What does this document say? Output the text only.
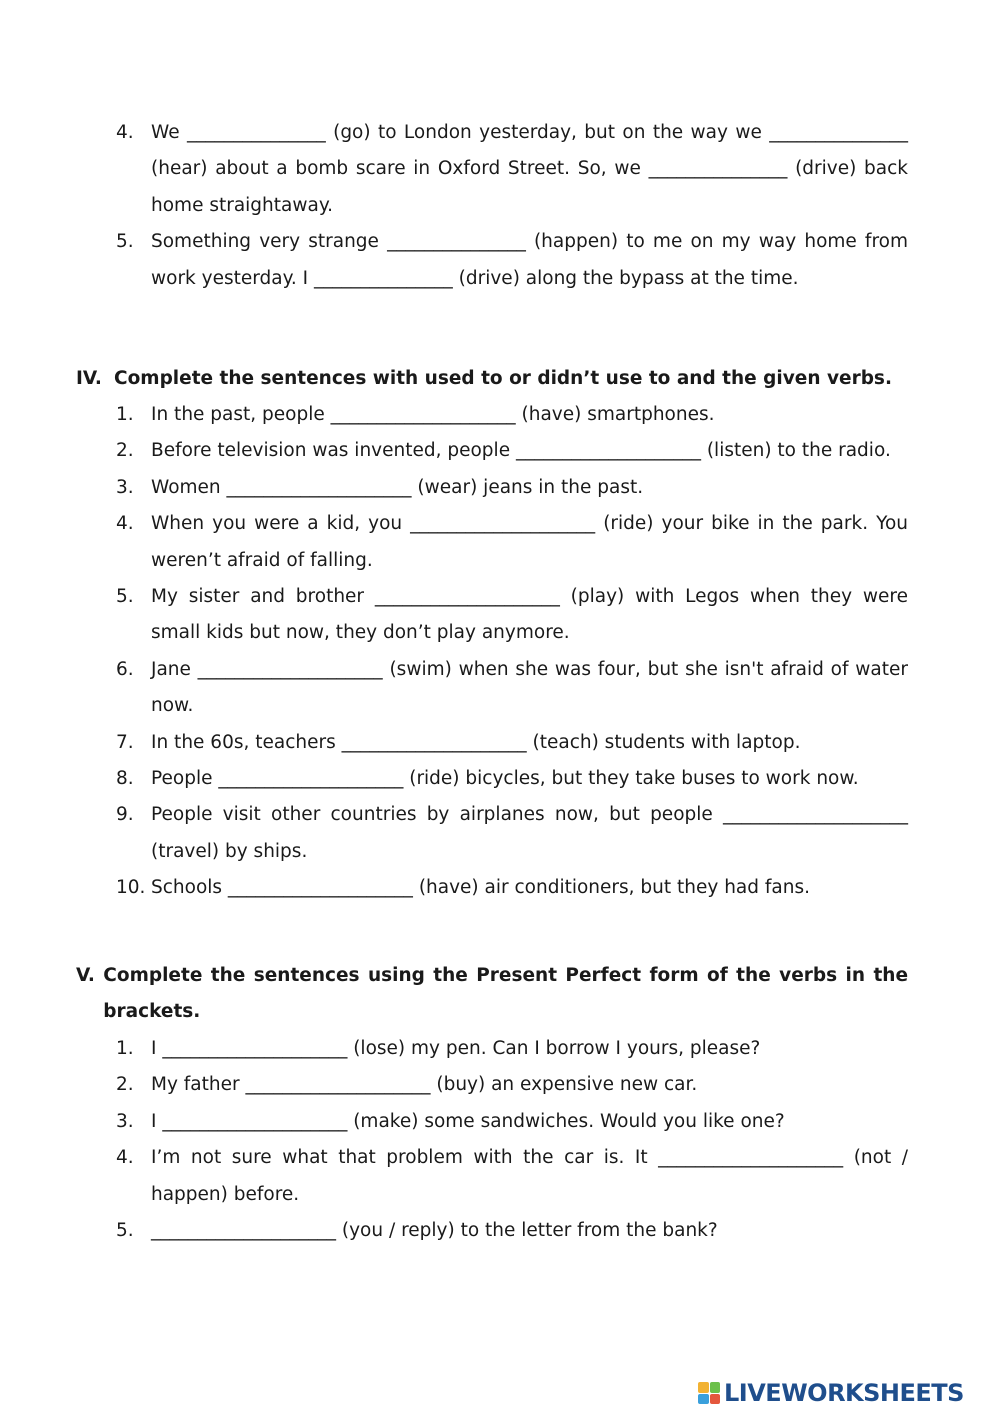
4. We _______________ (go) to London yesterday, but on the way we _______________ (hear) about a bomb scare in Oxford Street. So, we _______________ (drive) back home straightaway.
5. Something very strange _______________ (happen) to me on my way home from work yesterday. I _______________ (drive) along the bypass at the time.
IV. Complete the sentences with used to or didn’t use to and the given verbs.
1. In the past, people ____________________ (have) smartphones.
2. Before television was invented, people ____________________ (listen) to the radio.
3. Women ____________________ (wear) jeans in the past.
4. When you were a kid, you ____________________ (ride) your bike in the park. You weren’t afraid of falling.
5. My sister and brother ____________________ (play) with Legos when they were small kids but now, they don’t play anymore.
6. Jane ____________________ (swim) when she was four, but she isn't afraid of water now.
7. In the 60s, teachers ____________________ (teach) students with laptop.
8. People ____________________ (ride) bicycles, but they take buses to work now.
9. People visit other countries by airplanes now, but people ____________________ (travel) by ships.
10. Schools ____________________ (have) air conditioners, but they had fans.
V. Complete the sentences using the Present Perfect form of the verbs in the brackets.
1. I ____________________ (lose) my pen. Can I borrow I yours, please?
2. My father ____________________ (buy) an expensive new car.
3. I ____________________ (make) some sandwiches. Would you like one?
4. I’m not sure what that problem with the car is. It ____________________ (not / happen) before.
5. ____________________ (you / reply) to the letter from the bank?
LIVEWORKSHEETS
